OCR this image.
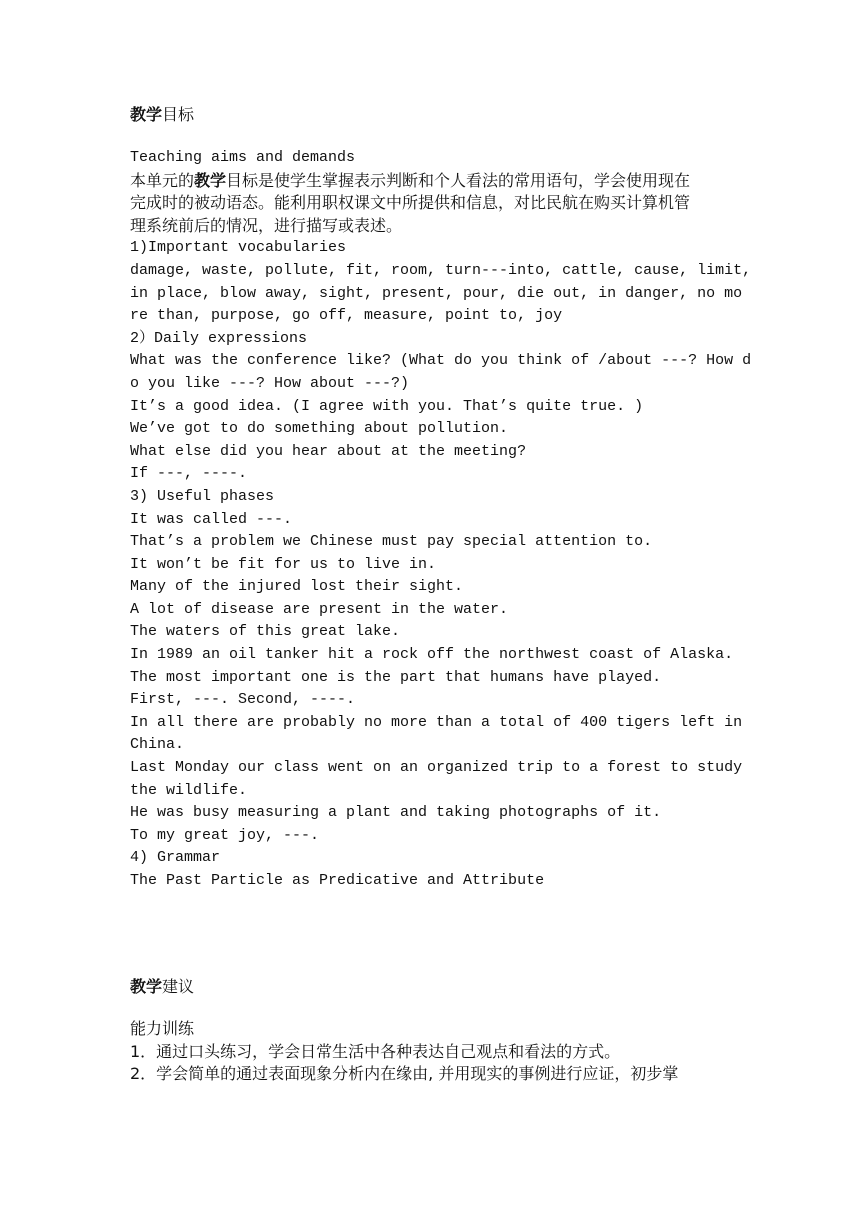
教学目标
Teaching aims and demands
本单元的教学目标是使学生掌握表示判断和个人看法的常用语句，学会使用现在
完成时的被动语态。能利用职权课文中所提供和信息，对比民航在购买计算机管
理系统前后的情况，进行描写或表述。
1)Important vocabularies
damage, waste, pollute, fit, room, turn---into, cattle, cause, limit,
in place, blow away, sight, present, pour, die out, in danger, no mo
re than, purpose, go off, measure, point to, joy
2）Daily expressions
What was the conference like? (What do you think of /about ---? How d
o you like ---? How about ---?)
It’s a good idea. (I agree with you. That’s quite true. )
We’ve got to do something about pollution.
What else did you hear about at the meeting?
If ---, ----.
3) Useful phases
It was called ---.
That’s a problem we Chinese must pay special attention to.
It won’t be fit for us to live in.
Many of the injured lost their sight.
A lot of disease are present in the water.
The waters of this great lake.
In 1989 an oil tanker hit a rock off the northwest coast of Alaska.
The most important one is the part that humans have played.
First, ---. Second, ----.
In all there are probably no more than a total of 400 tigers left in
China.
Last Monday our class went on an organized trip to a forest to study
the wildlife.
He was busy measuring a plant and taking photographs of it.
To my great joy, ---.
4) Grammar
The Past Particle as Predicative and Attribute
教学建议
能力训练
1．通过口头练习，学会日常生活中各种表达自己观点和看法的方式。
2．学会简单的通过表面现象分析内在缘由, 并用现实的事例进行应证，初步掌
